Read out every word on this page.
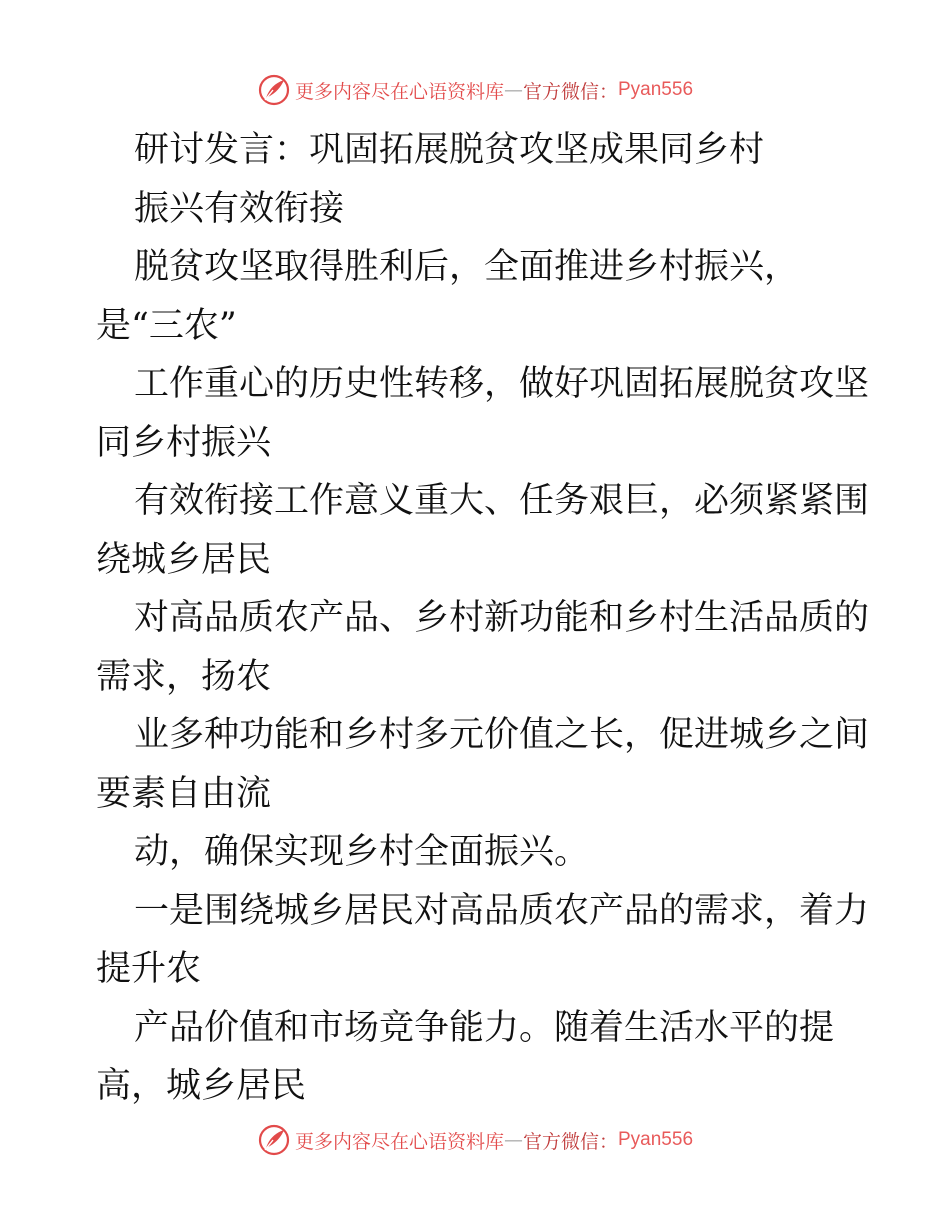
更多内容尽在心语资料库 — 官方微信： Pyan556
研讨发言：巩固拓展脱贫攻坚成果同乡村
振兴有效衔接
脱贫攻坚取得胜利后，全面推进乡村振兴，
是“三农”
工作重心的历史性转移，做好巩固拓展脱贫攻坚
同乡村振兴
有效衔接工作意义重大、任务艰巨，必须紧紧围
绕城乡居民
对高品质农产品、乡村新功能和乡村生活品质的
需求，扬农
业多种功能和乡村多元价值之长，促进城乡之间
要素自由流
动，确保实现乡村全面振兴。
一是围绕城乡居民对高品质农产品的需求，着力
提升农
产品价值和市场竞争能力。随着生活水平的提
高，城乡居民
更多内容尽在心语资料库 — 官方微信： Pyan556
